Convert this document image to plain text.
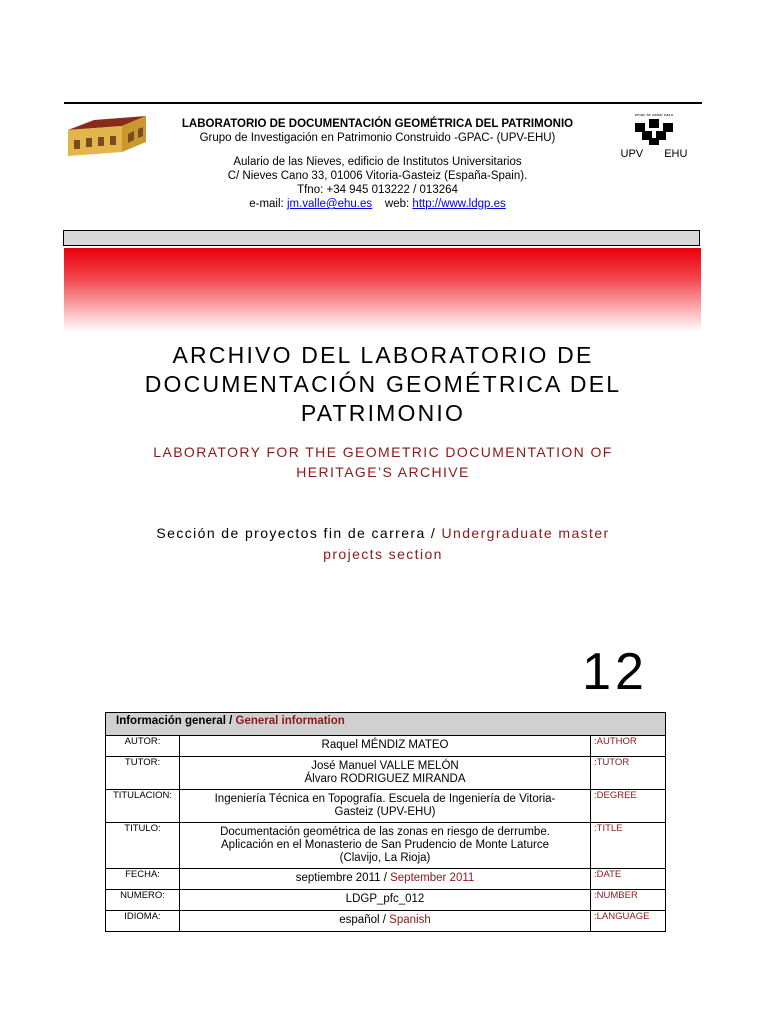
LABORATORIO DE DOCUMENTACIÓN GEOMÉTRICA DEL PATRIMONIO
Grupo de Investigación en Patrimonio Construido -GPAC- (UPV-EHU)
Aulario de las Nieves, edificio de Institutos Universitarios
C/ Nieves Cano 33, 01006 Vitoria-Gasteiz (España-Spain).
Tfno: +34 945 013222 / 013264
e-mail: jm.valle@ehu.es web: http://www.ldgp.es
eman ta zabal zazu
UPV EHU
ARCHIVO DEL LABORATORIO DE
DOCUMENTACIÓN GEOMÉTRICA DEL
PATRIMONIO
LABORATORY FOR THE GEOMETRIC DOCUMENTATION OF
HERITAGE’S ARCHIVE
Sección de proyectos fin de carrera / Undergraduate master
projects section
12
Información general / General information		
AUTOR:	Raquel MÉNDIZ MATEO	:AUTHOR
TUTOR:	José Manuel VALLE MELÓN
Álvaro RODRIGUEZ MIRANDA	:TUTOR
TITULACION:	Ingeniería Técnica en Topografía. Escuela de Ingeniería de Vitoria-
Gasteiz (UPV-EHU)	:DEGREE
TITULO:	Documentación geométrica de las zonas en riesgo de derrumbe.
Aplicación en el Monasterio de San Prudencio de Monte Laturce
(Clavijo, La Rioja)	:TITLE
FECHA:	septiembre 2011 / September 2011	:DATE
NUMERO:	LDGP_pfc_012	:NUMBER
IDIOMA:	español / Spanish	:LANGUAGE
